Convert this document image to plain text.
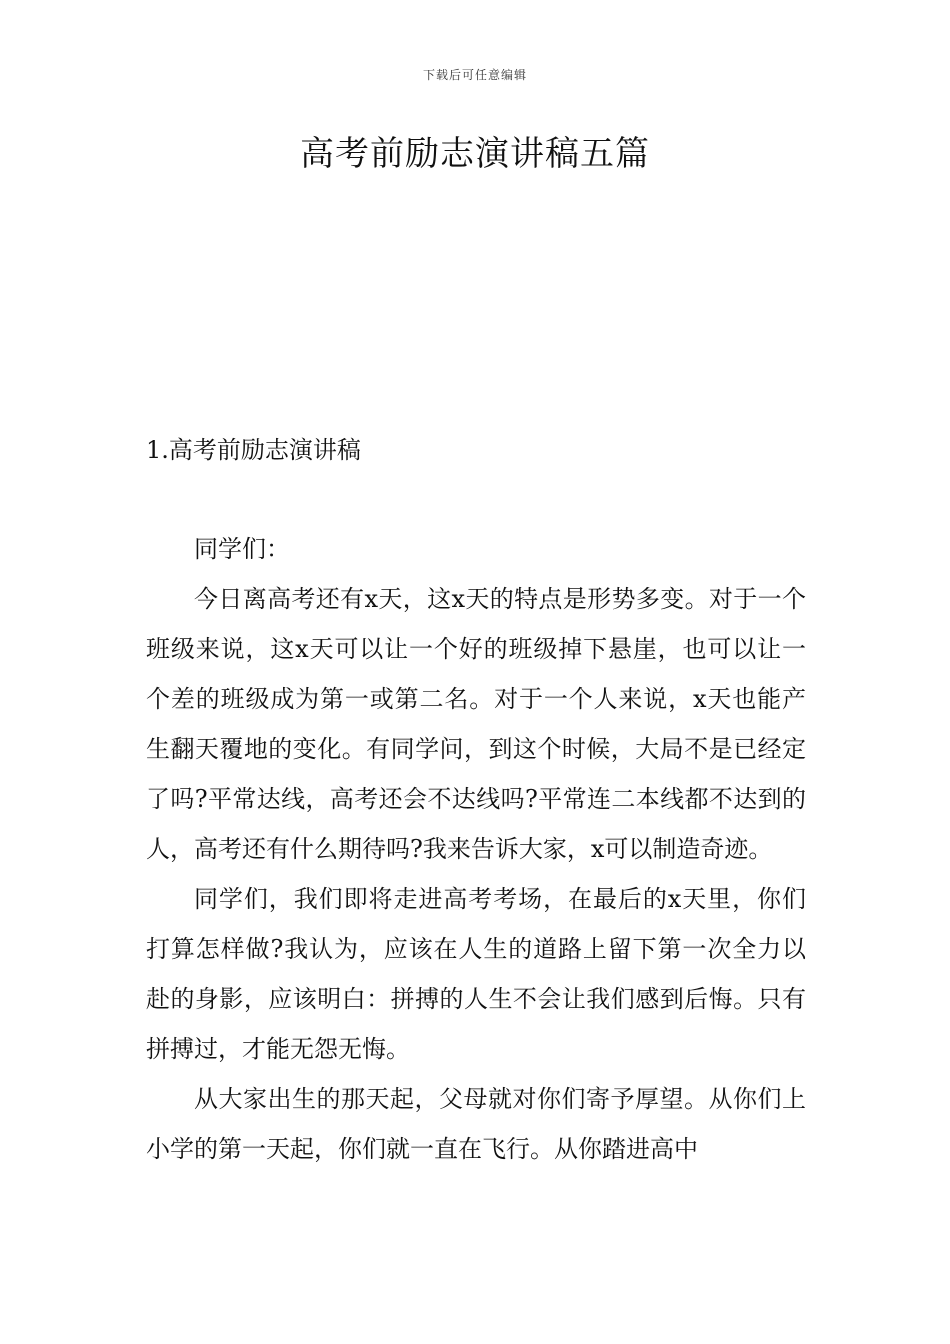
下载后可任意编辑
高考前励志演讲稿五篇
1.高考前励志演讲稿

同学们：

今日离高考还有x天，这x天的特点是形势多变。对于一个班级来说，这x天可以让一个好的班级掉下悬崖，也可以让一个差的班级成为第一或第二名。对于一个人来说，x天也能产生翻天覆地的变化。有同学问，到这个时候，大局不是已经定了吗?平常达线，高考还会不达线吗?平常连二本线都不达到的人，高考还有什么期待吗?我来告诉大家，x可以制造奇迹。

同学们，我们即将走进高考考场，在最后的x天里，你们打算怎样做?我认为，应该在人生的道路上留下第一次全力以赴的身影，应该明白：拼搏的人生不会让我们感到后悔。只有拼搏过，才能无怨无悔。

从大家出生的那天起，父母就对你们寄予厚望。从你们上小学的第一天起，你们就一直在飞行。从你踏进高中
